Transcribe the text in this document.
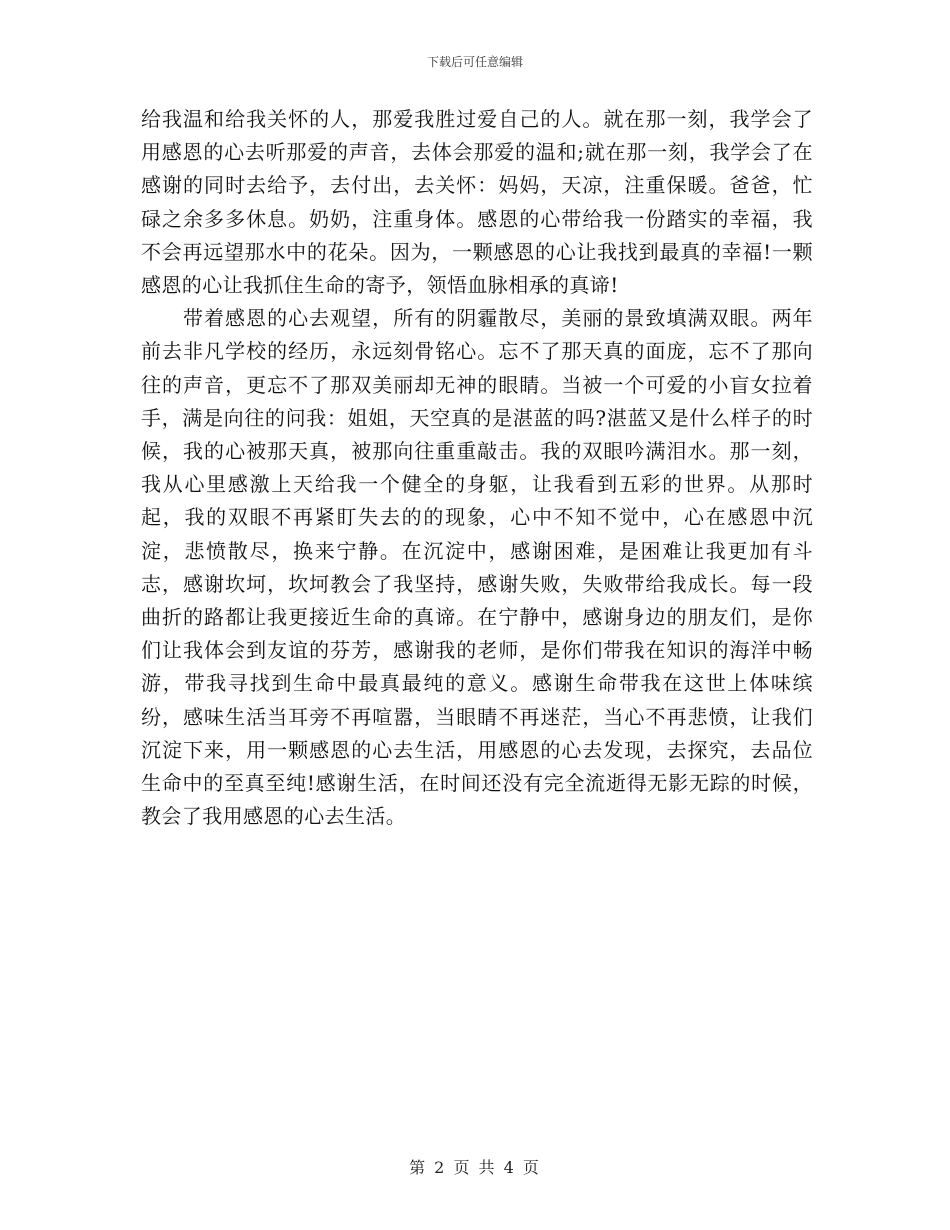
下载后可任意编辑

给我温和给我关怀的人，那爱我胜过爱自己的人。就在那一刻，我学会了用感恩的心去听那爱的声音，去体会那爱的温和;就在那一刻，我学会了在感谢的同时去给予，去付出，去关怀：妈妈，天凉，注重保暖。爸爸，忙碌之余多多休息。奶奶，注重身体。感恩的心带给我一份踏实的幸福，我不会再远望那水中的花朵。因为，一颗感恩的心让我找到最真的幸福!一颗感恩的心让我抓住生命的寄予，领悟血脉相承的真谛!

带着感恩的心去观望，所有的阴霾散尽，美丽的景致填满双眼。两年前去非凡学校的经历，永远刻骨铭心。忘不了那天真的面庞，忘不了那向往的声音，更忘不了那双美丽却无神的眼睛。当被一个可爱的小盲女拉着手，满是向往的问我：姐姐，天空真的是湛蓝的吗?湛蓝又是什么样子的时候，我的心被那天真，被那向往重重敲击。我的双眼吟满泪水。那一刻，我从心里感激上天给我一个健全的身躯，让我看到五彩的世界。从那时起，我的双眼不再紧盯失去的的现象，心中不知不觉中，心在感恩中沉淀，悲愤散尽，换来宁静。在沉淀中，感谢困难，是困难让我更加有斗志，感谢坎坷，坎坷教会了我坚持，感谢失败，失败带给我成长。每一段曲折的路都让我更接近生命的真谛。在宁静中，感谢身边的朋友们，是你们让我体会到友谊的芬芳，感谢我的老师，是你们带我在知识的海洋中畅游，带我寻找到生命中最真最纯的意义。感谢生命带我在这世上体味缤纷，感味生活当耳旁不再喧嚣，当眼睛不再迷茫，当心不再悲愤，让我们沉淀下来，用一颗感恩的心去生活，用感恩的心去发现，去探究，去品位生命中的至真至纯!感谢生活，在时间还没有完全流逝得无影无踪的时候，教会了我用感恩的心去生活。

第 2 页 共 4 页
